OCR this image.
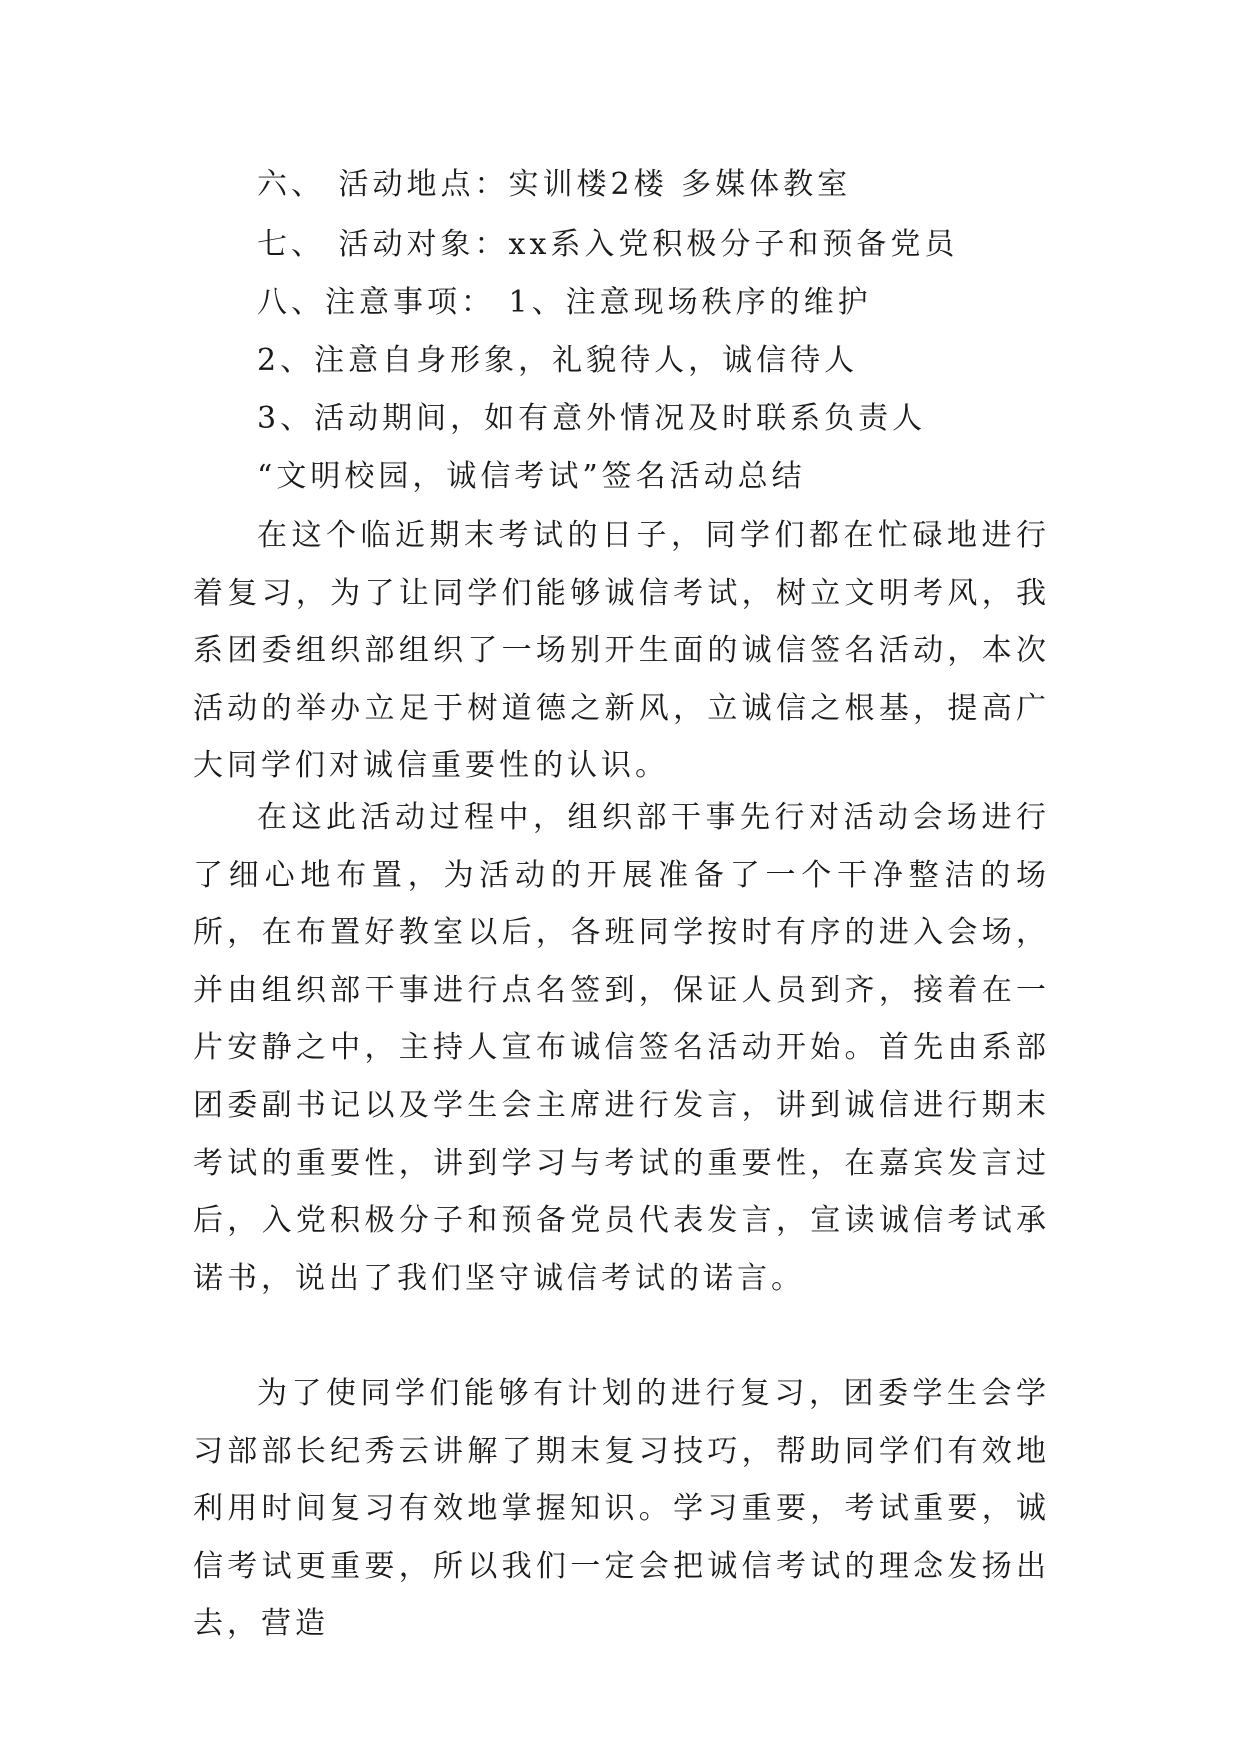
六、 活动地点：实训楼2楼 多媒体教室
七、 活动对象：xx系入党积极分子和预备党员
八、注意事项： 1、注意现场秩序的维护
2、注意自身形象，礼貌待人，诚信待人
3、活动期间，如有意外情况及时联系负责人
“文明校园，诚信考试”签名活动总结

在这个临近期末考试的日子，同学们都在忙碌地进行着复习，为了让同学们能够诚信考试，树立文明考风，我系团委组织部组织了一场别开生面的诚信签名活动，本次活动的举办立足于树道德之新风，立诚信之根基，提高广大同学们对诚信重要性的认识。

在这此活动过程中，组织部干事先行对活动会场进行了细心地布置，为活动的开展准备了一个干净整洁的场所，在布置好教室以后，各班同学按时有序的进入会场，并由组织部干事进行点名签到，保证人员到齐，接着在一片安静之中，主持人宣布诚信签名活动开始。首先由系部团委副书记以及学生会主席进行发言，讲到诚信进行期末考试的重要性，讲到学习与考试的重要性，在嘉宾发言过后，入党积极分子和预备党员代表发言，宣读诚信考试承诺书，说出了我们坚守诚信考试的诺言。

为了使同学们能够有计划的进行复习，团委学生会学习部部长纪秀云讲解了期末复习技巧，帮助同学们有效地利用时间复习有效地掌握知识。学习重要，考试重要，诚信考试更重要，所以我们一定会把诚信考试的理念发扬出去，营造
